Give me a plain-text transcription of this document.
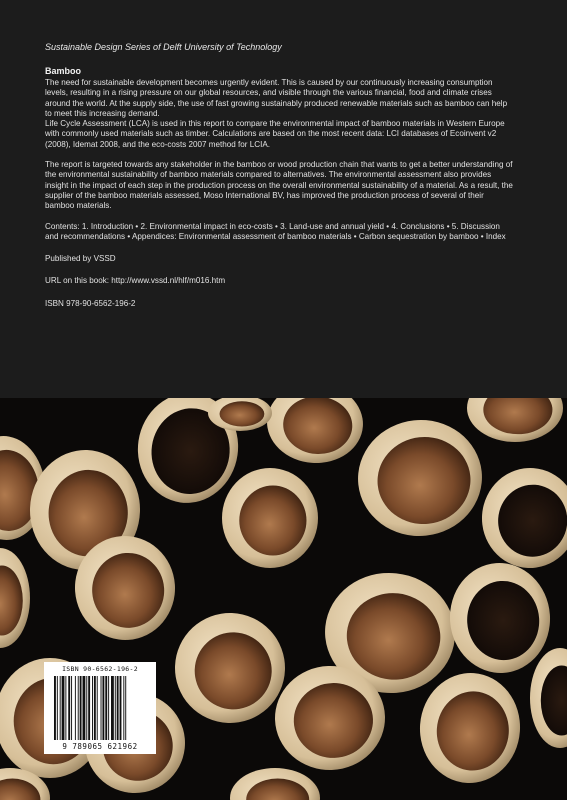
Sustainable Design Series of Delft University of Technology

Bamboo

The need for sustainable development becomes urgently evident. This is caused by our continuously increasing consumption levels, resulting in a rising pressure on our global resources, and visible through the various financial, food and climate crises around the world. At the supply side, the use of fast growing sustainably produced renewable materials such as bamboo can help to meet this increasing demand.

Life Cycle Assessment (LCA) is used in this report to compare the environmental impact of bamboo materials in Western Europe with commonly used materials such as timber. Calculations are based on the most recent data: LCI databases of Ecoinvent v2 (2008), Idemat 2008, and the eco-costs 2007 method for LCIA.

The report is targeted towards any stakeholder in the bamboo or wood production chain that wants to get a better understanding of the environmental sustainability of bamboo materials compared to alternatives. The environmental assessment also provides insight in the impact of each step in the production process on the overall environmental sustainability of a material. As a result, the supplier of the bamboo materials assessed, Moso International BV, has improved the production process of several of their bamboo materials.

Contents: 1. Introduction • 2. Environmental impact in eco-costs • 3. Land-use and annual yield • 4. Conclusions • 5. Discussion and recommendations • Appendices: Environmental assessment of bamboo materials • Carbon sequestration by bamboo • Index

Published by VSSD

URL on this book: http://www.vssd.nl/hlf/m016.htm

ISBN 978-90-6562-196-2

ISBN 90-6562-196-2
9 789065 621962
